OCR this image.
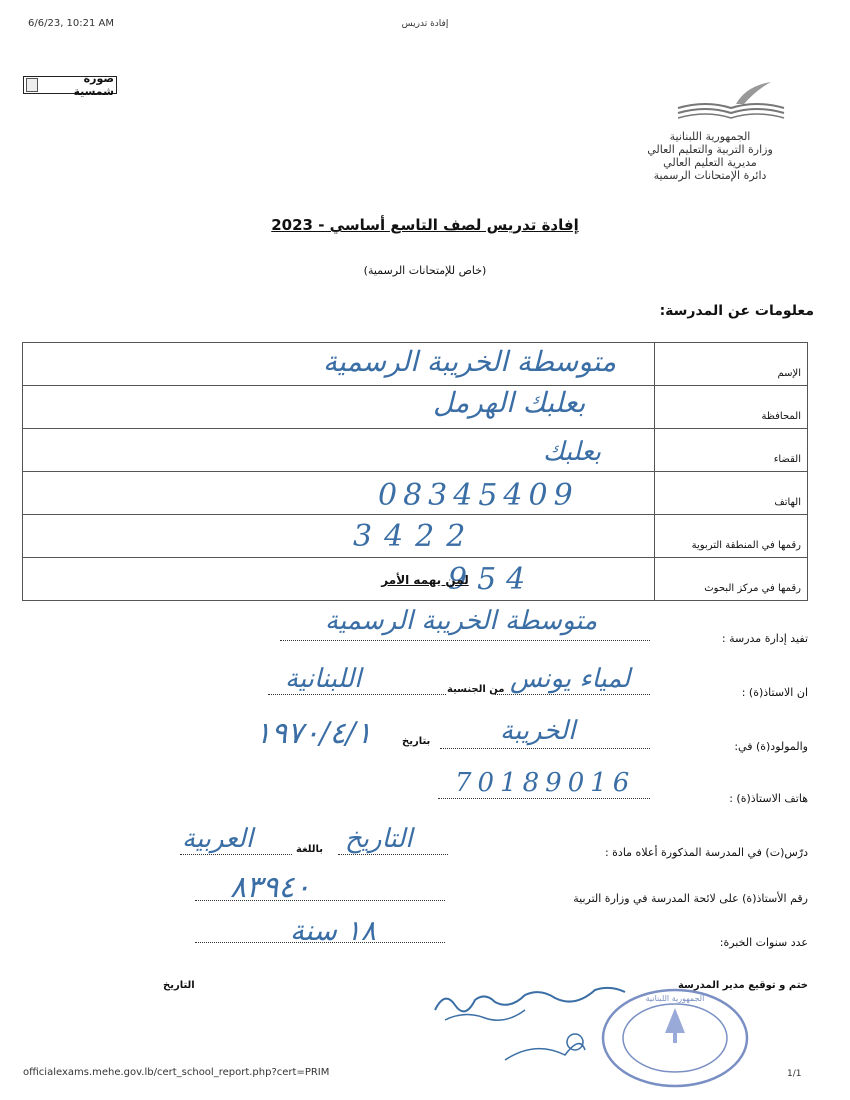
6/6/23, 10:21 AM	إفادة تدريس
صورة شمسية
الجمهورية اللبنانية
وزارة التربية والتعليم العالي
مديرية التعليم العالي
دائرة الإمتحانات الرسمية
إفادة تدريس لصف التاسع أساسي - 2023
(خاص للإمتحانات الرسمية)
معلومات عن المدرسة:
الإسم	متوسطة الخريبة الرسمية

المحافظة	بعلبك الهرمل

القضاء	بعلبك

الهاتف	08345409

رقمها في المنطقة التربوية	3422

رقمها في مركز البحوث	954
لمن يهمه الأمر
تفيد إدارة مدرسة :
متوسطة الخريبة الرسمية
ان الاستاذ(ة) :
لمياء يونس
من الجنسية
اللبنانية
والمولود(ة) في:
الخريبة
بتاريخ
١٩٧٠/٤/١
هاتف الاستاذ(ة) :
70189016
درّس(ت) في المدرسة المذكورة أعلاه مادة :
التاريخ
باللغة
العربية
رقم الأستاذ(ة) على لائحة المدرسة في وزارة التربية
٨٣٩٤٠
عدد سنوات الخبرة:
١٨ سنة
ختم و توقيع مدير المدرسة
التاريخ
الجمهورية اللبنانية
officialexams.mehe.gov.lb/cert_school_report.php?cert=PRIM	1/1
